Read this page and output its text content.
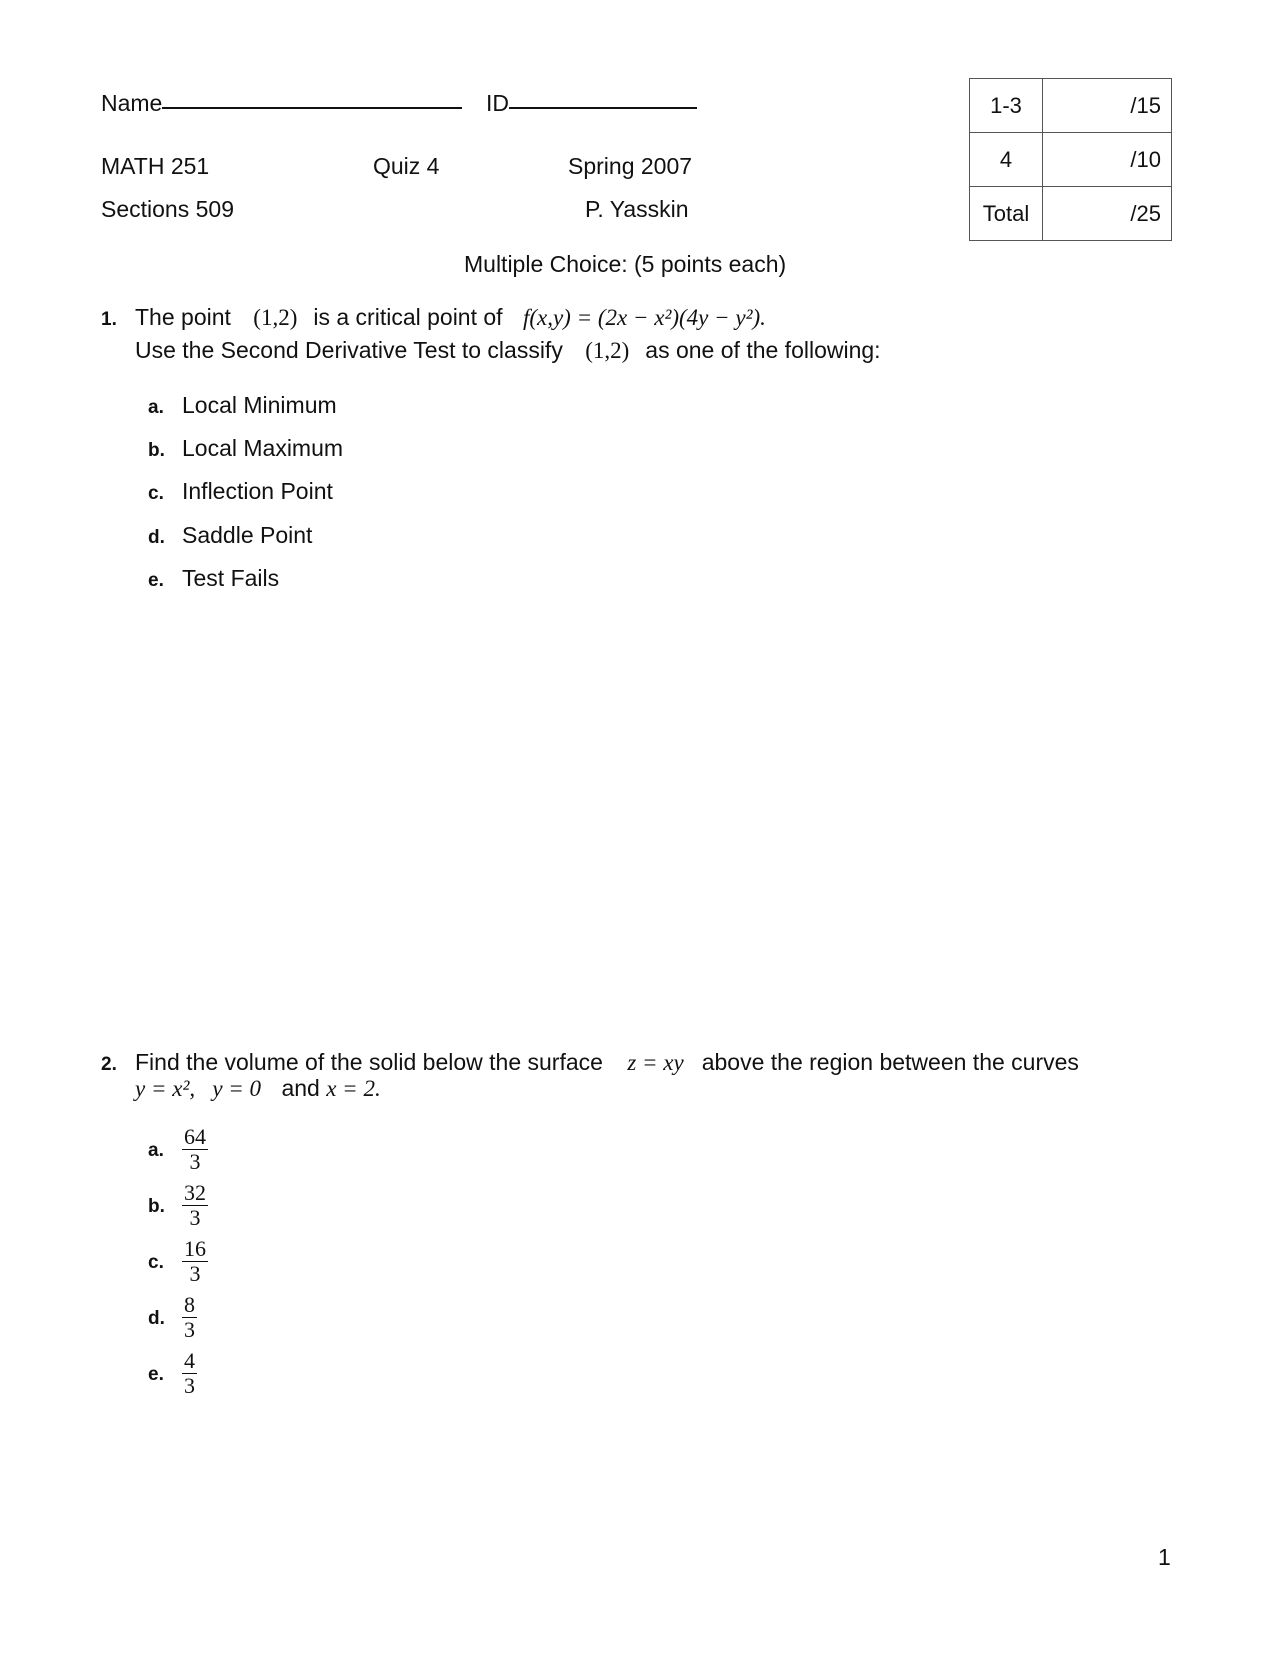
Name	ID
MATH 251	Quiz 4	Spring 2007
Sections 509	P. Yasskin
1-3	/15
4	/10
Total	/25
Multiple Choice: (5 points each)
1. The point (1,2) is a critical point of f(x,y) = (2x − x²)(4y − y²).
Use the Second Derivative Test to classify (1,2) as one of the following:
a. Local Minimum
b. Local Maximum
c. Inflection Point
d. Saddle Point
e. Test Fails
2. Find the volume of the solid below the surface z = xy above the region between the curves
y = x²,   y = 0 and x = 2.
a. $\frac{64}{3}$
b. $\frac{32}{3}$
c. $\frac{16}{3}$
d. $\frac{8}{3}$
e. $\frac{4}{3}$
1
